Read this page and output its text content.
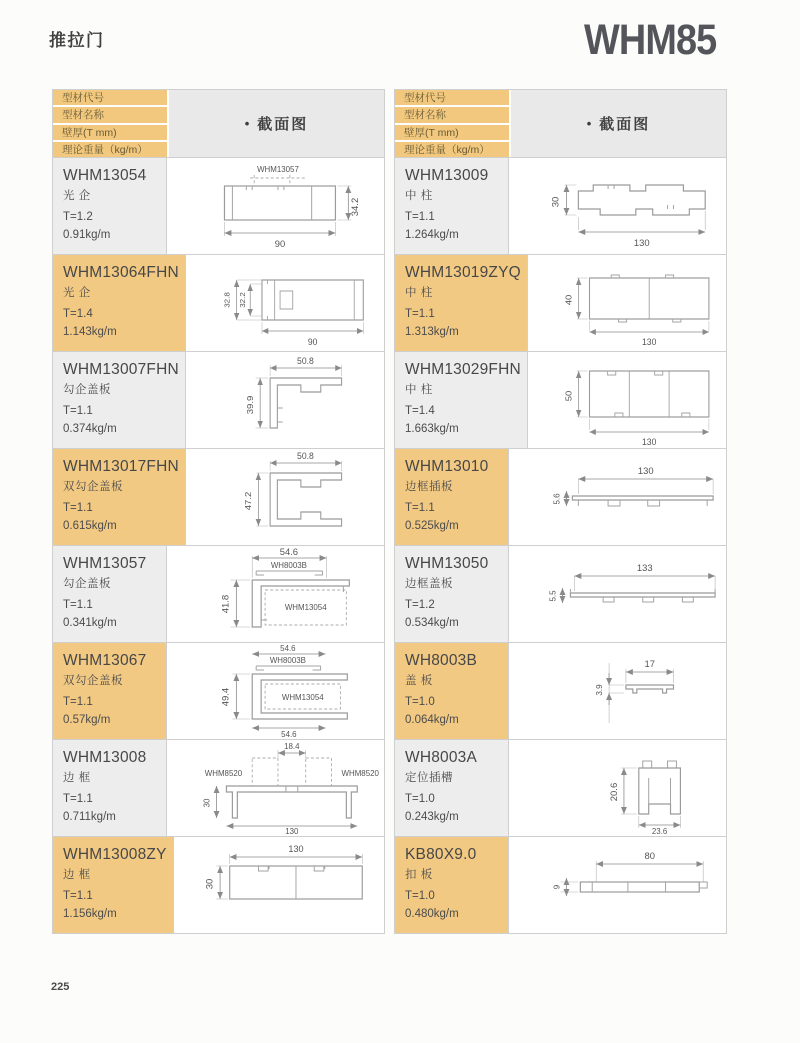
推拉门	WHM85
型材代号
型材名称
壁厚(T mm)
理论重量（kg/m）
• 截面图
WHM13054
光 企
T=1.2
0.91kg/m
WHM13057
34.2
90
WHM13064FHN
光 企
T=1.4
1.143kg/m
32.8 32.2
90
WHM13007FHN
勾企盖板
T=1.1
0.374kg/m
50.8
39.9
WHM13017FHN
双勾企盖板
T=1.1
0.615kg/m
50.8
47.2
WHM13057
勾企盖板
T=1.1
0.341kg/m
54.6
WH8003B
WHM13054
41.8
WHM13067
双勾企盖板
T=1.1
0.57kg/m
54.6
WH8003B
WHM13054
49.4
54.6
WHM13008
边 框
T=1.1
0.711kg/m
18.4
WHM8520	WHM8520
30
130
WHM13008ZY
边 框
T=1.1
1.156kg/m
130
30
型材代号
型材名称
壁厚(T mm)
理论重量（kg/m）
• 截面图
WHM13009
中 柱
T=1.1
1.264kg/m
30
130
WHM13019ZYQ
中 柱
T=1.1
1.313kg/m
40
130
WHM13029FHN
中 柱
T=1.4
1.663kg/m
50
130
WHM13010
边框插板
T=1.1
0.525kg/m
130
5.6
WHM13050
边框盖板
T=1.2
0.534kg/m
133
5.5
WH8003B
盖 板
T=1.0
0.064kg/m
17
3.9
WH8003A
定位插槽
T=1.0
0.243kg/m
20.6
23.6
KB80X9.0
扣 板
T=1.0
0.480kg/m
80
9
225
